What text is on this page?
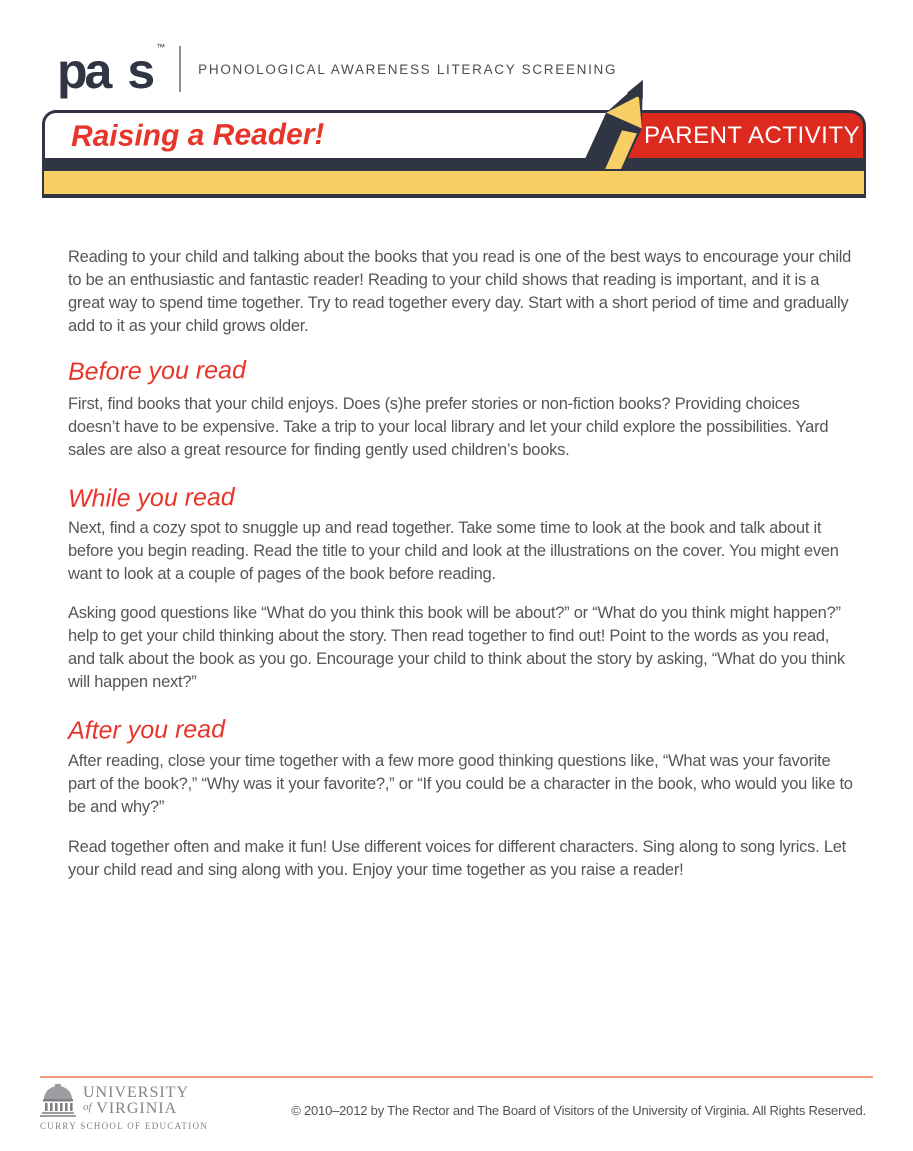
pa s ™
PHONOLOGICAL AWARENESS LITERACY SCREENING
Raising a Reader!	PARENT ACTIVITY

Reading to your child and talking about the books that you read is one of the best ways to encourage your child to be an enthusiastic and fantastic reader! Reading to your child shows that reading is important, and it is a great way to spend time together. Try to read together every day. Start with a short period of time and gradually add to it as your child grows older.

Before you read

First, find books that your child enjoys. Does (s)he prefer stories or non-fiction books? Providing choices doesn’t have to be expensive. Take a trip to your local library and let your child explore the possibilities. Yard sales are also a great resource for finding gently used children’s books.

While you read

Next, find a cozy spot to snuggle up and read together. Take some time to look at the book and talk about it before you begin reading. Read the title to your child and look at the illustrations on the cover. You might even want to look at a couple of pages of the book before reading.

Asking good questions like “What do you think this book will be about?” or “What do you think might happen?” help to get your child thinking about the story. Then read together to find out! Point to the words as you read, and talk about the book as you go. Encourage your child to think about the story by asking, “What do you think will happen next?”

After you read

After reading, close your time together with a few more good thinking questions like, “What was your favorite part of the book?,” “Why was it your favorite?,” or “If you could be a character in the book, who would you like to be and why?”

Read together often and make it fun! Use different voices for different characters. Sing along to song lyrics. Let your child read and sing along with you. Enjoy your time together as you raise a reader!

UNIVERSITY
of VIRGINIA
CURRY SCHOOL OF EDUCATION
© 2010–2012 by The Rector and The Board of Visitors of the University of Virginia. All Rights Reserved.
